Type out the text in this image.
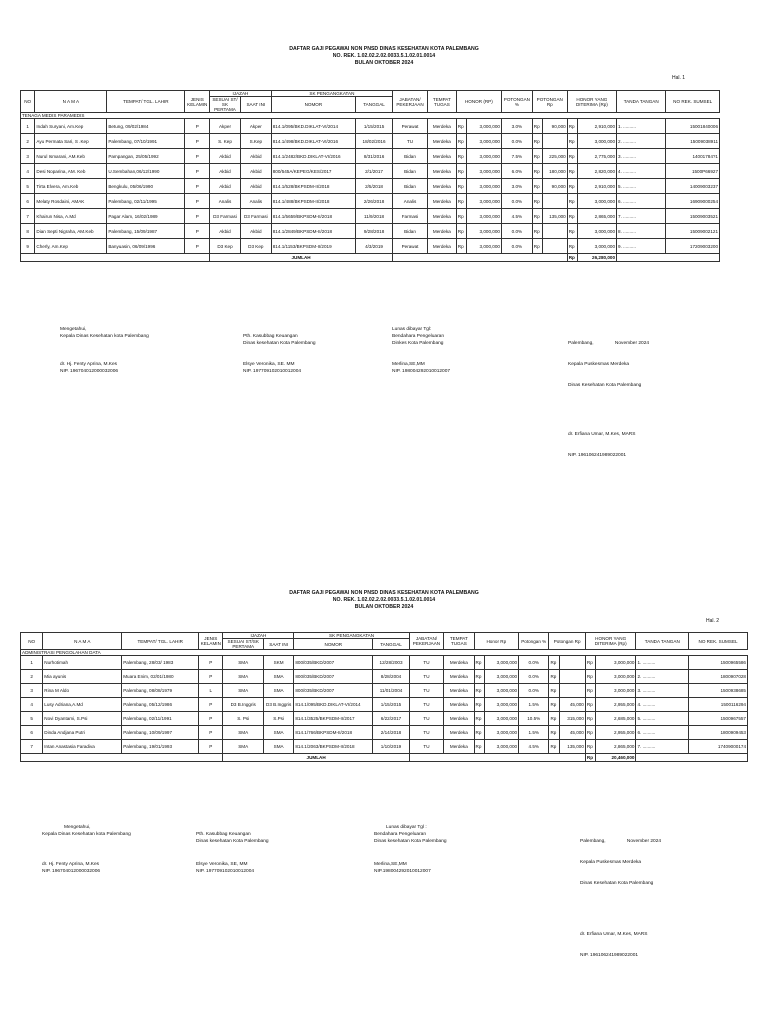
DAFTAR GAJI PEGAWAI NON PNSD DINAS KESEHATAN KOTA PALEMBANG
NO. REK. 1.02.02.2.02.0033.5.1.02.01.0014
BULAN OKTOBER 2024
Hal. 1
NO	N A M A	TEMPAT/ TGL. LAHIR	JENIS KELAMIN	IJAZAH		SK PENGANGKATAN		JABATAN/ PEKERJAAN	TEMPAT TUGAS	HONOR (RP)		POTONGAN %	POTONGAN Rp		HONOR YANG DITERIMA (Rp)		TANDA TANGAN	NO REK. SUMSEL
				SESUAI ST/ SK PERTAMA	SAAT INI	NOMOR	TANGGAL											

TENAGA MEDIS PARAMEDIS																		
1	Indah Suryani, Am.Kep	Betung, 09/02/1984	P	Akper	Akper	814.1/095/BKD.DIKLAT-VI/2014	1/15/2015	Perawat	Merdeka	Rp	3,000,000	3.0%	Rp	90,000	Rp	2,910,000	1. ..........	15001840006
2	Ayu Permata Sari, S .Kep	Palembang, 07/10/1991	P	S. Kep	S.Kep	814.1/498/BKD.DIKLAT-VI/2016	18/02/2016	TU	Merdeka	Rp	3,000,000	0.0%	Rp		Rp	3,000,000	2. ..........	15009038911
3	Nurul Ismarani, AM.Keb	Pampangan, 25/05/1992	P	Akbid	Akbid	814.1/2482/BKD.DIKLAT-VI/2016	8/31/2016	Bidan	Merdeka	Rp	3,000,000	7.5%	Rp	225,000	Rp	2,775,000	3. ..........	14001784?1
4	Desi Noparina, AM. Keb	U.Sembahan,06/12/1990	P	Akbid	Akbid	800/545A/KEPEG/KES/2017	2/1/2017	Bidan	Merdeka	Rp	3,000,000	6.0%	Rp	180,000	Rp	2,820,000	4. ..........	1500P66927
5	Tirta Elvera, Am.Keb	Bengkulu, 05/06/1990	P	Akbid	Akbid	814.1/528/BKPSDM-II/2018	2/5/2018	Bidan	Merdeka	Rp	3,000,000	3.0%	Rp	90,000	Rp	2,910,000	5. ..........	14009003237
6	Melaty Rosdaini, AMAK	Palembang, 02/11/1995	P	Analis	Analis	814.1/488/BKPSDM-II/2018	2/26/2018	Analis	Merdeka	Rp	3,000,000	0.0%	Rp		Rp	3,000,000	6. ..........	16909000254
7	Khairun Nisa, A.Md	Pagar Alam, 16/02/1989	P	D3 Farmasi	D3 Farmasi	814.1/5659/BKPSDM-II/2018	11/9/2018	Farmasi	Merdeka	Rp	3,000,000	4.5%	Rp	135,000	Rp	2,865,000	7. ..........	15009003521
8	Dian Septi Nigraha, AM.Keb	Palembang, 15/09/1987	P	Akbid	Akbid	814.1/2849/BKPSDM-II/2018	9/28/2018	Bidan	Merdeka	Rp	3,000,000	0.0%	Rp		Rp	3,000,000	8. ..........	15009002121
9	Cherly, Am.Kep	Banyuasin, 06/09/1996	P	D3 Kep	D3 Kep	814.1/1153/BKPSDM-II/2019	4/3/2019	Perawat	Merdeka	Rp	3,000,000	0.0%	Rp		Rp	3,000,000	9. ..........	17209003200
				JUMLAH											Rp	26,280,000		
Mengetahui,
Kepala Dinas Kesehatan kota Palembang
dr. Hj. Fenty Aprina, M.Kes
NIP. 196704012000032006
Pth. Kasubbag Keuangan
Dinas kesehatan Kota Palembang
Elsye Veronika, SE. MM
NIP. 197709102010012004
Lunas dibayar Tgl:
Bendahara Pengeluaran
Dinkes Kota Palembang
Merlina,SE,MM
NIP. 198004292010012007

Palembang,                November 2024

Kepala Puskesmas Merdeka

Dinas Kesehatan Kota Palembang

dr. Erfiana Umar, M.Kes, MARS

NIP. 196106241989022001

DAFTAR GAJI PEGAWAI NON PNSD DINAS KESEHATAN KOTA PALEMBANG
NO. REK. 1.02.02.2.02.0033.5.1.02.01.0014
BULAN OKTOBER 2024
Hal. 2
NO	N A M A	TEMPAT/ TGL. LAHIR	JENIS KELAMIN	IJAZAH		SK PENGANGKATAN		JABATAN/ PEKERJAAN	TEMPAT TUGAS	Honor Rp		Potongan %	Potongan Rp		HONOR YANG DITERIMA (Rp)		TANDA TANGAN	NO REK. SUMSEL
				SESUAI ST/SK PERTAMA	SAAT INI	NOMOR	TANGGAL											

ADMINISTRASI PENGOLAHAN DATA																		
1	Nurhotimah	Palembang, 28/03/ 1983	P	SMA	SKM	800/035/BKD/2007	12/28/2003	TU	Merdeka	Rp	3,000,000	0.0%	Rp		Rp	3,000,000	1. ..........	1500965586
2	Mia ayunis	Muara Enim, 02/01/1980	P	SMA	SMA	800/035/BKD/2007	8/28/2004	TU	Merdeka	Rp	3,000,000	0.0%	Rp		Rp	3,000,000	2. ..........	1800907028
3	Rina M Aldo	Palembang, 08/08/1979	L	SMA	SMA	800/035/BKD/2007	11/01/2004	TU	Merdeka	Rp	3,000,000	0.0%	Rp		Rp	3,000,000	3. ..........	1500938685
4	Lusy Adriana,A.Md	Palembang, 05/12/1986	P	D3 B.Inggris	D3 B.Inggris	814.1/095/BKD.DIKLAT-VI/2014	1/15/2015	TU	Merdeka	Rp	3,000,000	1.5%	Rp	45,000	Rp	2,955,000	4. ..........	1500116294
5	Novi Dyantami, S.Psi	Palembang, 02/11/1991	P	S. Psi	S.Psi	814.1/3525/BKPSDM-II/2017	6/22/2017	TU	Merdeka	Rp	3,000,000	10.5%	Rp	315,000	Rp	2,685,000	5. ..........	1500967557
6	Dinda Andjana Putri	Palembang, 10/09/1997	P	SMA	SMA	814.1/766/BKPSDM-II/2018	2/14/2018	TU	Merdeka	Rp	3,000,000	1.5%	Rp	45,000	Rp	2,955,000	6. ..........	1800909453
7	Intan Anastasia Faradiva	Palembang, 19/01/1993	P	SMA	SMA	814.1/2063/BKPSDM-II/2018	1/10/2019	TU	Merdeka	Rp	3,000,000	4.5%	Rp	135,000	Rp	2,865,000	7. ..........	17409000174
				JUMLAH											Rp	20,460,000		
Mengetahui,
Kepala Dinas Kesehatan kota Palembang
dr. Hj. Fenty Aprina, M.Kes
NIP. 196704012000032006
Pth. Kasubbag Keuangan
Dinas kesehatan Kota Palembang
Elsye Veronika, SE, MM
NIP. 197709102010012004
Lunas dibayar Tgl :
Bendahara Pengeluaran
Dinas kesehatan Kota Palembang
Merlina,SE,MM
NIP.198004292010012007

Palembang,                November 2024

Kepala Puskesmas Merdeka

Dinas Kesehatan Kota Palembang

dr. Erfiana Umar, M.Kes, MARS

NIP. 196106241989022001
